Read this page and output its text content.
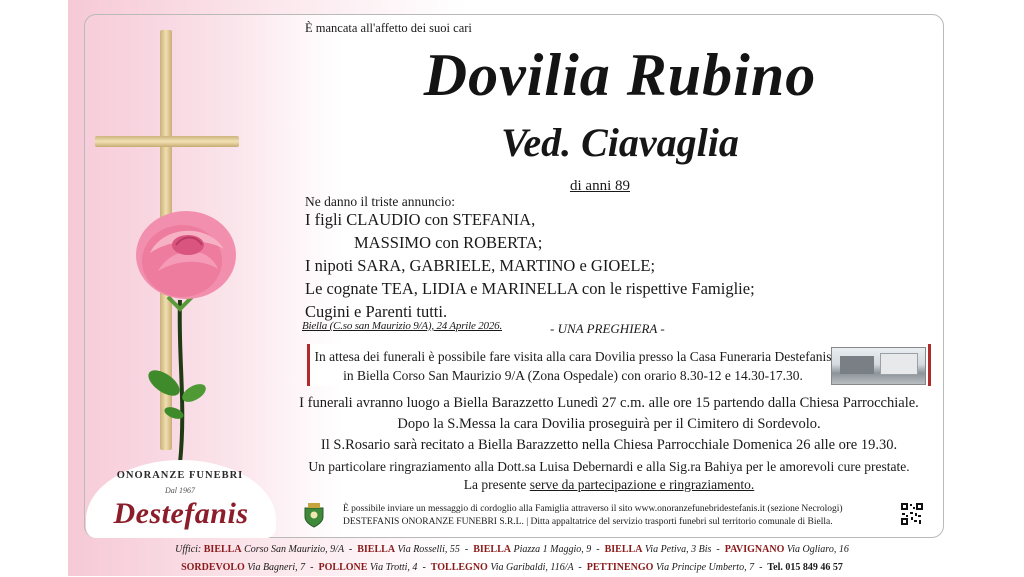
ONORANZE FUNEBRI
Dal 1967
Destefanis
È mancata all'affetto dei suoi cari
Dovilia Rubino
Ved. Ciavaglia
di anni 89
Ne danno il triste annuncio:
I figli CLAUDIO con STEFANIA,
MASSIMO con ROBERTA;
I nipoti SARA, GABRIELE, MARTINO e GIOELE;
Le cognate TEA, LIDIA e MARINELLA con le rispettive Famiglie;
Cugini e Parenti tutti.
Biella (C.so san Maurizio 9/A), 24 Aprile 2026.	- UNA PREGHIERA -
In attesa dei funerali è possibile fare visita alla cara Dovilia presso la Casa Funeraria Destefanis
in Biella Corso San Maurizio 9/A (Zona Ospedale) con orario 8.30-12 e 14.30-17.30.
I funerali avranno luogo a Biella Barazzetto Lunedì 27 c.m. alle ore 15 partendo dalla Chiesa Parrocchiale.
Dopo la S.Messa la cara Dovilia proseguirà per il Cimitero di Sordevolo.
Il S.Rosario sarà recitato a Biella Barazzetto nella Chiesa Parrocchiale Domenica 26 alle ore 19.30.
Un particolare ringraziamento alla Dott.sa Luisa Debernardi e alla Sig.ra Bahiya per le amorevoli cure prestate.
La presente serve da partecipazione e ringraziamento.
È possibile inviare un messaggio di cordoglio alla Famiglia attraverso il sito www.onoranzefunebridestefanis.it (sezione Necrologi)
DESTEFANIS ONORANZE FUNEBRI S.R.L. | Ditta appaltatrice del servizio trasporti funebri sul territorio comunale di Biella.
Uffici: BIELLA Corso San Maurizio, 9/A  -  BIELLA Via Rosselli, 55  -  BIELLA Piazza 1 Maggio, 9  -  BIELLA Via Petiva, 3 Bis  -  PAVIGNANO Via Ogliaro, 16
SORDEVOLO Via Bagneri, 7  -  POLLONE Via Trotti, 4  -  TOLLEGNO Via Garibaldi, 116/A  -  PETTINENGO Via Principe Umberto, 7  -  Tel. 015 849 46 57
